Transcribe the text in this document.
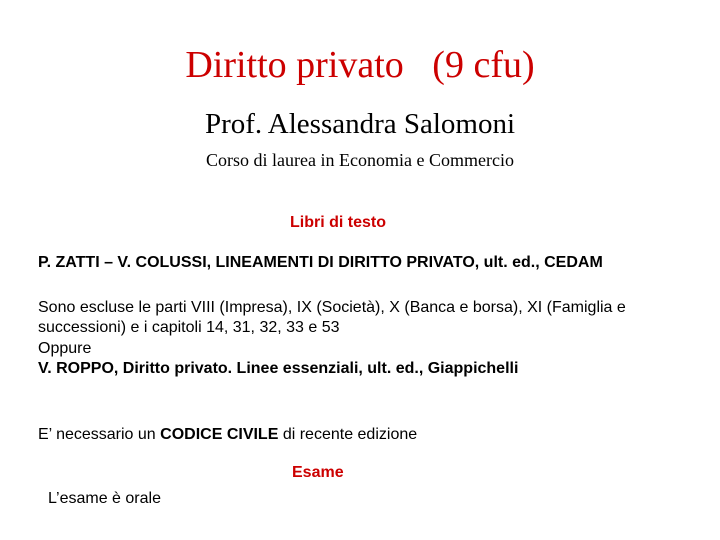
Diritto privato   (9 cfu)
Prof. Alessandra Salomoni
Corso di laurea in Economia e Commercio
Libri di testo
P. ZATTI – V. COLUSSI, LINEAMENTI DI DIRITTO PRIVATO, ult. ed., CEDAM
Sono escluse le parti VIII (Impresa), IX (Società), X (Banca e borsa), XI (Famiglia e successioni) e i capitoli 14, 31, 32, 33 e 53
Oppure
V. ROPPO, Diritto privato. Linee essenziali, ult. ed., Giappichelli
E’ necessario un CODICE CIVILE di recente edizione
Esame
L’esame è orale
